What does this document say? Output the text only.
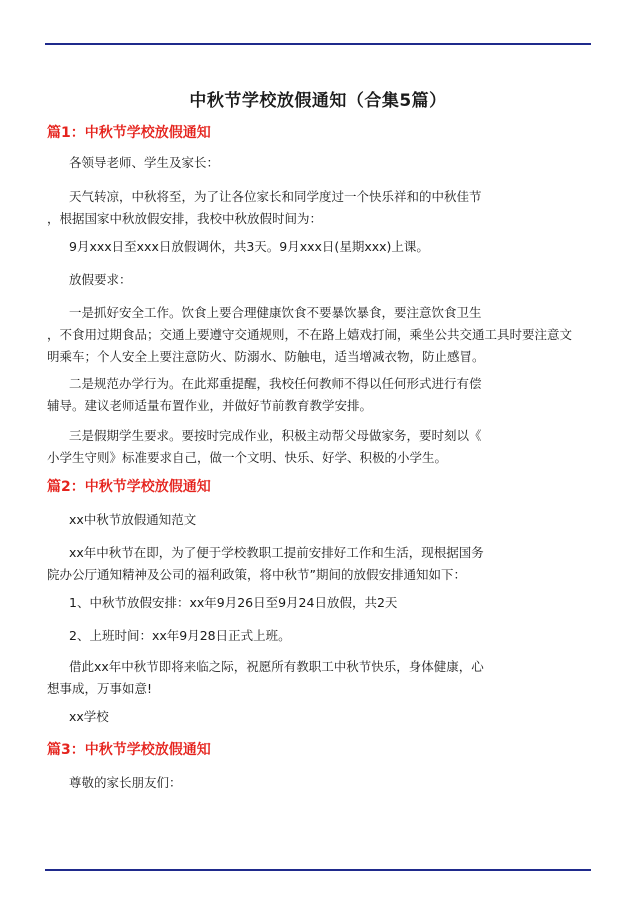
中秋节学校放假通知（合集5篇）
篇1：中秋节学校放假通知
各领导老师、学生及家长：
天气转凉，中秋将至，为了让各位家长和同学度过一个快乐祥和的中秋佳节
，根据国家中秋放假安排，我校中秋放假时间为：
9月xxx日至xxx日放假调休，共3天。9月xxx日(星期xxx)上课。
放假要求：
一是抓好安全工作。饮食上要合理健康饮食不要暴饮暴食，要注意饮食卫生
，不食用过期食品；交通上要遵守交通规则，不在路上嬉戏打闹，乘坐公共交通工具时要注意文
明乘车；个人安全上要注意防火、防溺水、防触电，适当增减衣物，防止感冒。
二是规范办学行为。在此郑重提醒，我校任何教师不得以任何形式进行有偿
辅导。建议老师适量布置作业，并做好节前教育教学安排。
三是假期学生要求。要按时完成作业，积极主动帮父母做家务，要时刻以《
小学生守则》标准要求自己，做一个文明、快乐、好学、积极的小学生。
篇2：中秋节学校放假通知
xx中秋节放假通知范文
xx年中秋节在即，为了便于学校教职工提前安排好工作和生活，现根据国务
院办公厅通知精神及公司的福利政策，将中秋节”期间的放假安排通知如下：
1、中秋节放假安排：xx年9月26日至9月24日放假，共2天
2、上班时间：xx年9月28日正式上班。
借此xx年中秋节即将来临之际，祝愿所有教职工中秋节快乐，身体健康，心
想事成，万事如意!
xx学校
篇3：中秋节学校放假通知
尊敬的家长朋友们：
